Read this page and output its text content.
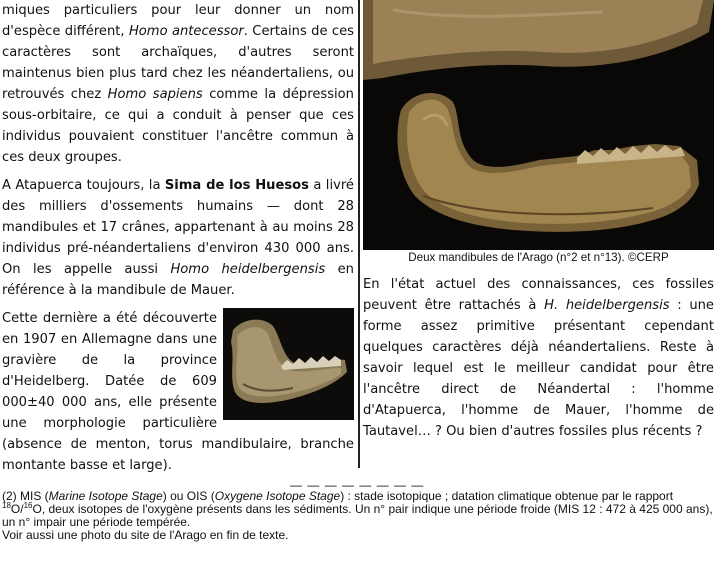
miques particuliers pour leur donner un nom d'espèce différent, Homo antecessor. Certains de ces caractères sont archaïques, d'autres seront maintenus bien plus tard chez les néandertaliens, ou retrouvés chez Homo sapiens comme la dépression sous-orbitaire, ce qui a conduit à penser que ces individus pouvaient constituer l'ancêtre commun à ces deux groupes.

A Atapuerca toujours, la Sima de los Huesos a livré des milliers d'ossements humains — dont 28 mandibules et 17 crânes, appartenant à au moins 28 individus pré-néandertaliens d'environ 430 000 ans. On les appelle aussi Homo heidelbergensis en référence à la mandibule de Mauer.

Cette dernière a été découverte en 1907 en Allemagne dans une gravière de la province d'Heidelberg. Datée de 609 000±40 000 ans, elle présente une morphologie particulière (absence de menton, torus mandibulaire, branche montante basse et large).

Deux mandibules de l'Arago (n°2 et n°13). ©CERP

En l'état actuel des connaissances, ces fossiles peuvent être rattachés à H. heidelbergensis : une forme assez primitive présentant cependant quelques caractères déjà néandertaliens. Reste à savoir lequel est le meilleur candidat pour être l'ancêtre direct de Néandertal : l'homme d'Atapuerca, l'homme de Mauer, l'homme de Tautavel… ? Ou bien d'autres fossiles plus récents ?

— — — — — — — —

(2) MIS (Marine Isotope Stage) ou OIS (Oxygene Isotope Stage) : stade isotopique ; datation climatique obtenue par le rapport $^{18}$O/$^{16}$O, deux isotopes de l'oxygène présents dans les sédiments. Un n° pair indique une période froide (MIS 12 : 472 à 425 000 ans), un n° impair une période tempérée.
Voir aussi une photo du site de l'Arago en fin de texte.
